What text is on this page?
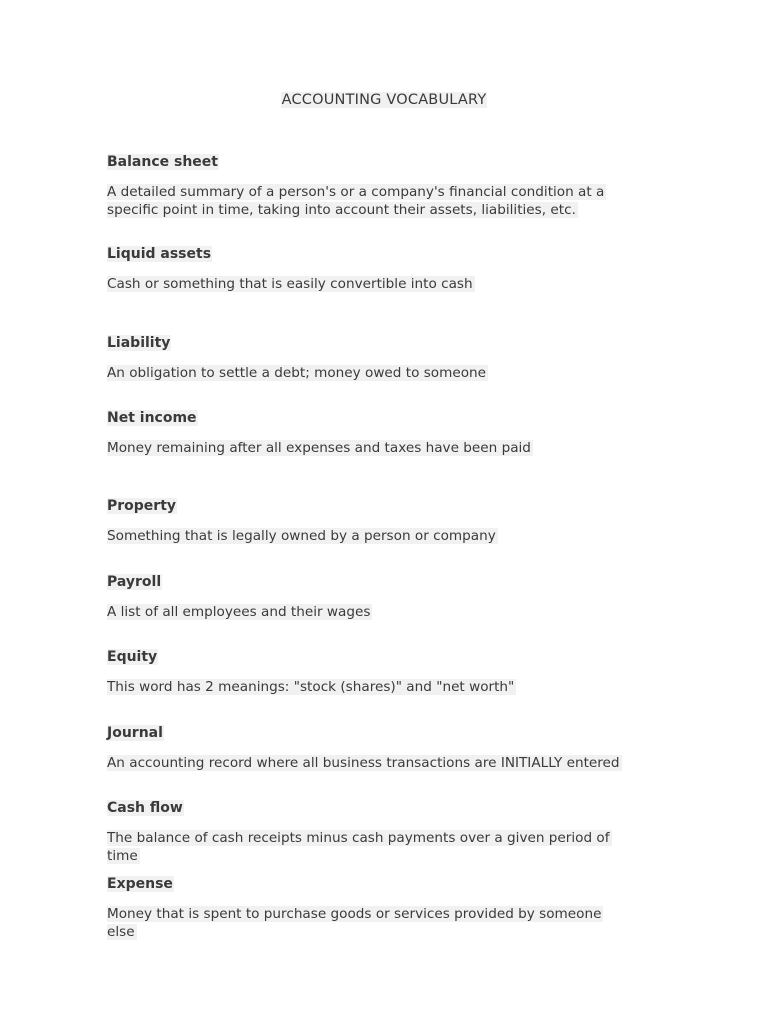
ACCOUNTING VOCABULARY

Balance sheet

A detailed summary of a person's or a company's financial condition at a specific point in time, taking into account their assets, liabilities, etc.

Liquid assets

Cash or something that is easily convertible into cash

Liability

An obligation to settle a debt; money owed to someone

Net income

Money remaining after all expenses and taxes have been paid

Property

Something that is legally owned by a person or company

Payroll

A list of all employees and their wages

Equity

This word has 2 meanings: "stock (shares)" and "net worth"

Journal

An accounting record where all business transactions are INITIALLY entered

Cash flow

The balance of cash receipts minus cash payments over a given period of time

Expense

Money that is spent to purchase goods or services provided by someone else
